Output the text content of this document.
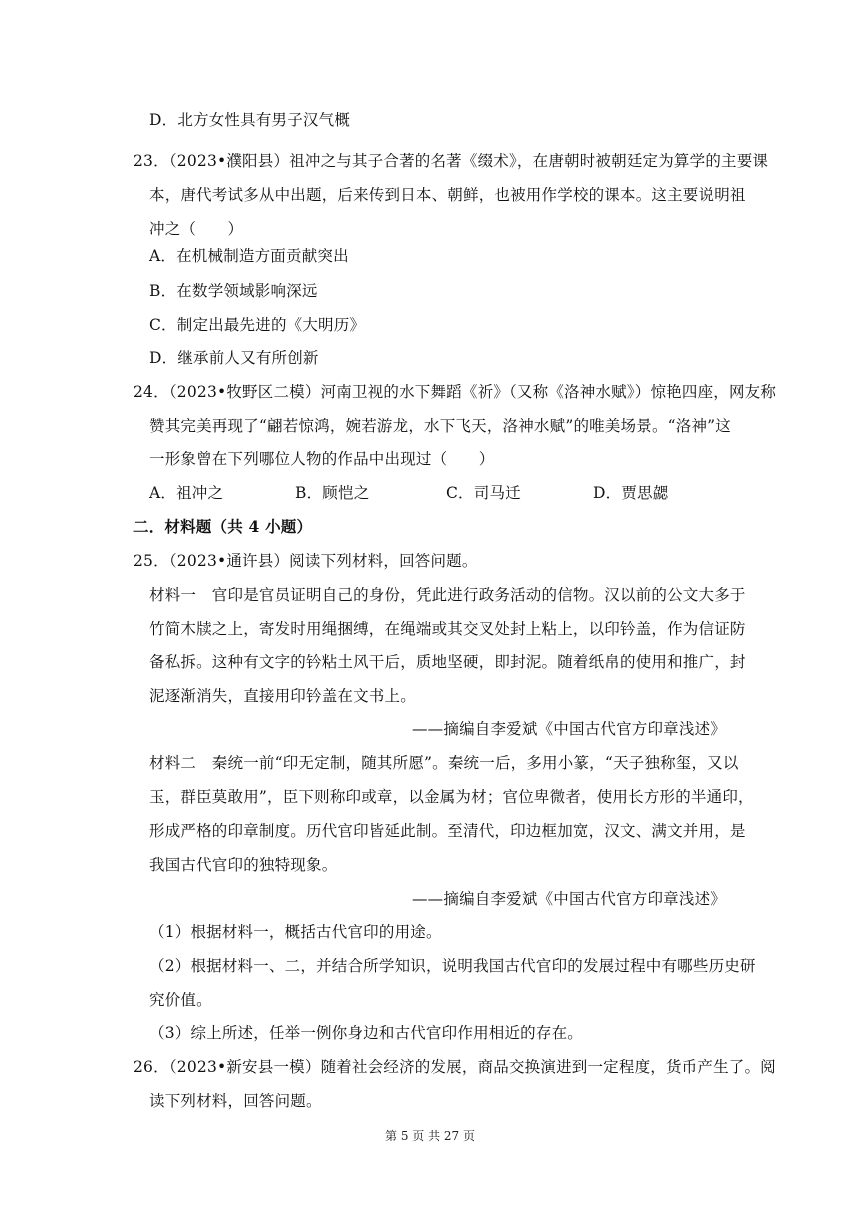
D．北方女性具有男子汉气概
23．（2023•濮阳县）祖冲之与其子合著的名著《缀术》，在唐朝时被朝廷定为算学的主要课
本，唐代考试多从中出题，后来传到日本、朝鲜，也被用作学校的课本。这主要说明祖
冲之（　　）
A．在机械制造方面贡献突出
B．在数学领域影响深远
C．制定出最先进的《大明历》
D．继承前人又有所创新
24．（2023•牧野区二模）河南卫视的水下舞蹈《祈》（又称《洛神水赋》）惊艳四座，网友称
赞其完美再现了“翩若惊鸿，婉若游龙，水下飞天，洛神水赋”的唯美场景。“洛神”这
一形象曾在下列哪位人物的作品中出现过（　　）
A．祖冲之	B．顾恺之	C．司马迁	D．贾思勰
二．材料题（共 4 小题）
25．（2023•通许县）阅读下列材料，回答问题。
材料一　官印是官员证明自己的身份，凭此进行政务活动的信物。汉以前的公文大多于
竹简木牍之上，寄发时用绳捆缚，在绳端或其交叉处封上粘上，以印钤盖，作为信证防
备私拆。这种有文字的钤粘土风干后，质地坚硬，即封泥。随着纸帛的使用和推广，封
泥逐渐消失，直接用印钤盖在文书上。
——摘编自李爱斌《中国古代官方印章浅述》
材料二　秦统一前“印无定制，随其所愿”。秦统一后，多用小篆，“天子独称玺，又以
玉，群臣莫敢用”，臣下则称印或章，以金属为材；官位卑微者，使用长方形的半通印，
形成严格的印章制度。历代官印皆延此制。至清代，印边框加宽，汉文、满文并用，是
我国古代官印的独特现象。
——摘编自李爱斌《中国古代官方印章浅述》
（1）根据材料一，概括古代官印的用途。
（2）根据材料一、二，并结合所学知识，说明我国古代官印的发展过程中有哪些历史研
究价值。
（3）综上所述，任举一例你身边和古代官印作用相近的存在。
26．（2023•新安县一模）随着社会经济的发展，商品交换演进到一定程度，货币产生了。阅
读下列材料，回答问题。
第 5 页 共 27 页
